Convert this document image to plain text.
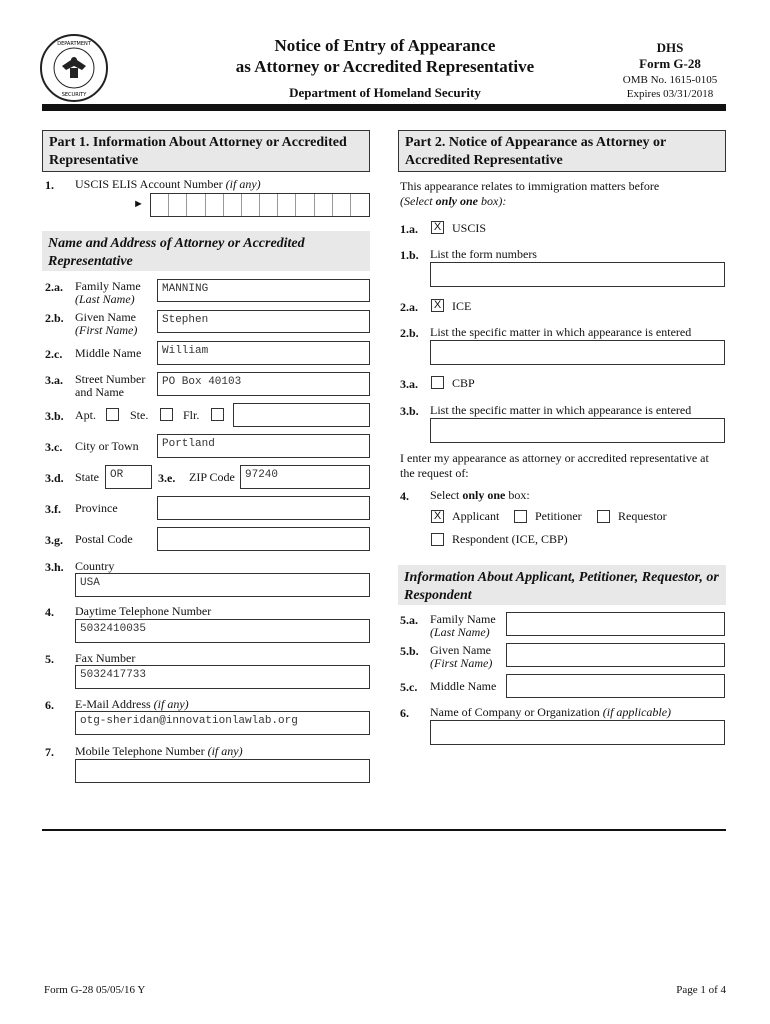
DEPARTMENT
SECURITY
Notice of Entry of Appearance
as Attorney or Accredited Representative
Department of Homeland Security
DHS
Form G-28
OMB No. 1615-0105
Expires 03/31/2018
Part 1. Information About Attorney or Accredited Representative
1. USCIS ELIS Account Number (if any)
►
Name and Address of Attorney or Accredited Representative
2.a. Family Name
(Last Name)
MANNING
2.b. Given Name
(First Name)
Stephen
2.c. Middle Name	William
3.a. Street Number
and Name
PO Box 40103
3.b. Apt.	Ste.	Flr.
3.c. City or Town	Portland
3.d. State	OR	3.e. ZIP Code 97240
3.f. Province
3.g. Postal Code
3.h. Country
USA
4. Daytime Telephone Number
5032410035
5. Fax Number
5032417733
6. E-Mail Address (if any)
otg-sheridan@innovationlawlab.org
7. Mobile Telephone Number (if any)
Part 2. Notice of Appearance as Attorney or Accredited Representative
This appearance relates to immigration matters before
(Select only one box):
1.a. X USCIS
1.b. List the form numbers
2.a. X ICE
2.b. List the specific matter in which appearance is entered
3.a.	CBP
3.b. List the specific matter in which appearance is entered
I enter my appearance as attorney or accredited representative at
the request of:
4. Select only one box:
X Applicant	Petitioner	Requestor
Respondent (ICE, CBP)
Information About Applicant, Petitioner, Requestor, or Respondent
5.a. Family Name
(Last Name)
5.b. Given Name
(First Name)
5.c. Middle Name
6. Name of Company or Organization (if applicable)
Form G-28 05/05/16 Y	Page 1 of 4
